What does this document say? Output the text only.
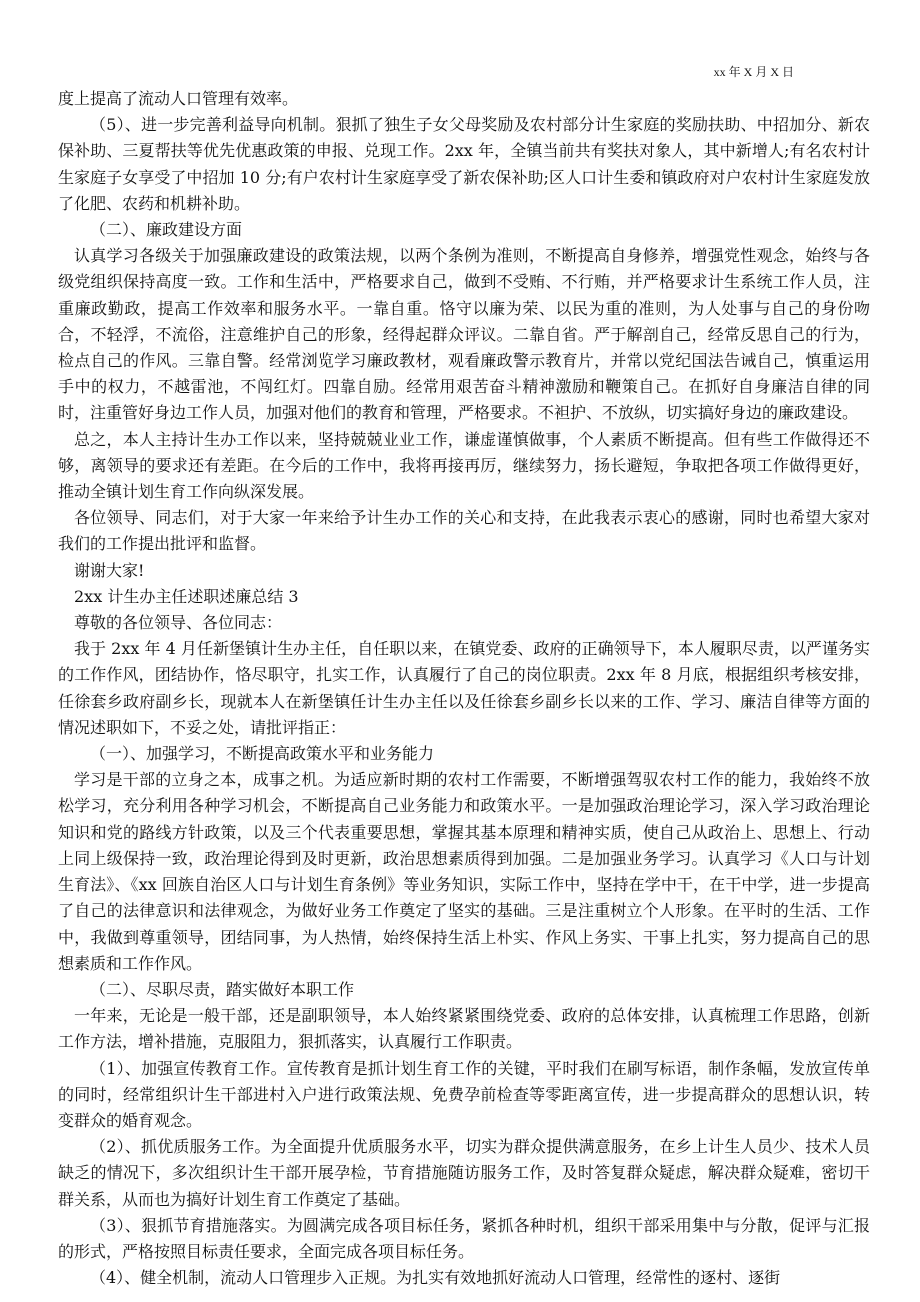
xx 年 X 月 X 日

度上提高了流动人口管理有效率。

（5）、进一步完善利益导向机制。狠抓了独生子女父母奖励及农村部分计生家庭的奖励扶助、中招加分、新农保补助、三夏帮扶等优先优惠政策的申报、兑现工作。2xx 年，全镇当前共有奖扶对象人，其中新增人;有名农村计生家庭子女享受了中招加 10 分;有户农村计生家庭享受了新农保补助;区人口计生委和镇政府对户农村计生家庭发放了化肥、农药和机耕补助。

（二）、廉政建设方面

认真学习各级关于加强廉政建设的政策法规，以两个条例为准则，不断提高自身修养，增强党性观念，始终与各级党组织保持高度一致。工作和生活中，严格要求自己，做到不受贿、不行贿，并严格要求计生系统工作人员，注重廉政勤政，提高工作效率和服务水平。一靠自重。恪守以廉为荣、以民为重的准则，为人处事与自己的身份吻合，不轻浮，不流俗，注意维护自己的形象，经得起群众评议。二靠自省。严于解剖自己，经常反思自己的行为，检点自己的作风。三靠自警。经常浏览学习廉政教材，观看廉政警示教育片，并常以党纪国法告诫自己，慎重运用手中的权力，不越雷池，不闯红灯。四靠自励。经常用艰苦奋斗精神激励和鞭策自己。在抓好自身廉洁自律的同时，注重管好身边工作人员，加强对他们的教育和管理，严格要求。不袒护、不放纵，切实搞好身边的廉政建设。

总之，本人主持计生办工作以来，坚持兢兢业业工作，谦虚谨慎做事，个人素质不断提高。但有些工作做得还不够，离领导的要求还有差距。在今后的工作中，我将再接再厉，继续努力，扬长避短，争取把各项工作做得更好，推动全镇计划生育工作向纵深发展。

各位领导、同志们，对于大家一年来给予计生办工作的关心和支持，在此我表示衷心的感谢，同时也希望大家对我们的工作提出批评和监督。

谢谢大家!

2xx 计生办主任述职述廉总结 3

尊敬的各位领导、各位同志：

我于 2xx 年 4 月任新堡镇计生办主任，自任职以来，在镇党委、政府的正确领导下，本人履职尽责，以严谨务实的工作作风，团结协作，恪尽职守，扎实工作，认真履行了自己的岗位职责。2xx 年 8 月底，根据组织考核安排，任徐套乡政府副乡长，现就本人在新堡镇任计生办主任以及任徐套乡副乡长以来的工作、学习、廉洁自律等方面的情况述职如下，不妥之处，请批评指正：

（一）、加强学习，不断提高政策水平和业务能力

学习是干部的立身之本，成事之机。为适应新时期的农村工作需要，不断增强驾驭农村工作的能力，我始终不放松学习，充分利用各种学习机会，不断提高自己业务能力和政策水平。一是加强政治理论学习，深入学习政治理论知识和党的路线方针政策，以及三个代表重要思想，掌握其基本原理和精神实质，使自己从政治上、思想上、行动上同上级保持一致，政治理论得到及时更新，政治思想素质得到加强。二是加强业务学习。认真学习《人口与计划生育法》、《xx 回族自治区人口与计划生育条例》等业务知识，实际工作中，坚持在学中干，在干中学，进一步提高了自己的法律意识和法律观念，为做好业务工作奠定了坚实的基础。三是注重树立个人形象。在平时的生活、工作中，我做到尊重领导，团结同事，为人热情，始终保持生活上朴实、作风上务实、干事上扎实，努力提高自己的思想素质和工作作风。

（二）、尽职尽责，踏实做好本职工作

一年来，无论是一般干部，还是副职领导，本人始终紧紧围绕党委、政府的总体安排，认真梳理工作思路，创新工作方法，增补措施，克服阻力，狠抓落实，认真履行工作职责。

（1）、加强宣传教育工作。宣传教育是抓计划生育工作的关键，平时我们在刷写标语，制作条幅，发放宣传单的同时，经常组织计生干部进村入户进行政策法规、免费孕前检查等零距离宣传，进一步提高群众的思想认识，转变群众的婚育观念。

（2）、抓优质服务工作。为全面提升优质服务水平，切实为群众提供满意服务，在乡上计生人员少、技术人员缺乏的情况下，多次组织计生干部开展孕检，节育措施随访服务工作，及时答复群众疑虑，解决群众疑难，密切干群关系，从而也为搞好计划生育工作奠定了基础。

（3）、狠抓节育措施落实。为圆满完成各项目标任务，紧抓各种时机，组织干部采用集中与分散，促评与汇报的形式，严格按照目标责任要求，全面完成各项目标任务。

（4）、健全机制，流动人口管理步入正规。为扎实有效地抓好流动人口管理，经常性的逐村、逐街
